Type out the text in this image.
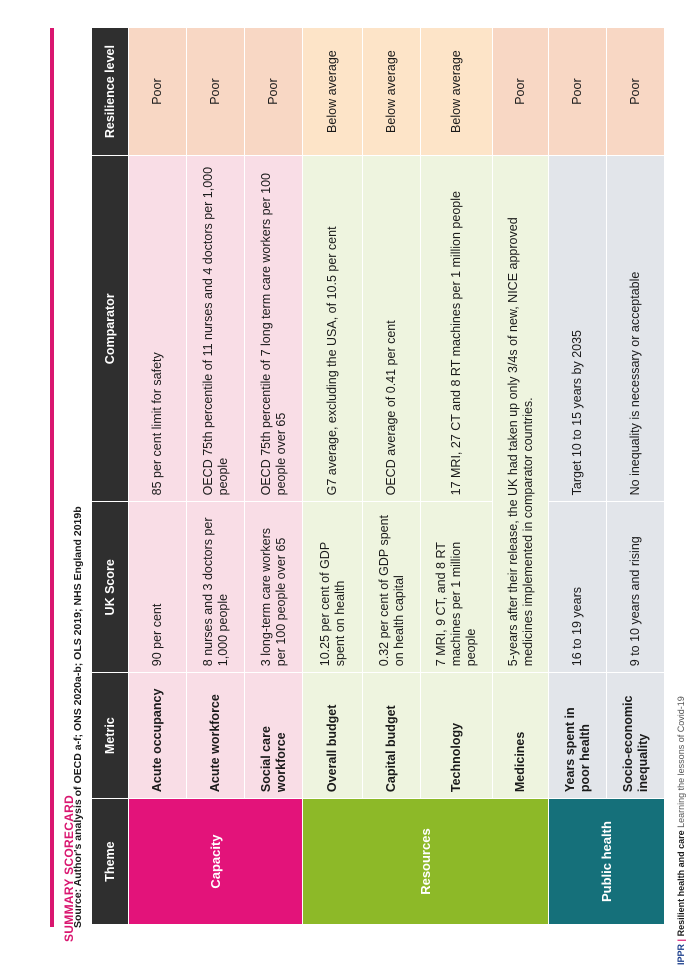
SUMMARY SCORECARD Theme	Metric	UK Score	Comparator	Resilience level
Capacity	Acute occupancy	90 per cent	85 per cent limit for safety	Poor
	Acute workforce	8 nurses and 3 doctors per 1,000 people	OECD 75th percentile of 11 nurses and 4 doctors per 1,000 people	Poor
	Social care workforce	3 long-term care workers per 100 people over 65	OECD 75th percentile of 7 long term care workers per 100 people over 65	Poor
Resources	Overall budget	10.25 per cent of GDP spent on health	G7 average, excluding the USA, of 10.5 per cent	Below average
	Capital budget	0.32 per cent of GDP spent on health capital	OECD average of 0.41 per cent	Below average
	Technology	7 MRI, 9 CT, and 8 RT machines per 1 million people	17 MRI, 27 CT and 8 RT machines per 1 million people	Below average
	Medicines	5-years after their release, the UK had taken up only 3/4s of new, NICE approved medicines implemented in comparator countries.		Poor
Public health	Years spent in poor health	16 to 19 years	Target 10 to 15 years by 2035	Poor
	Socio-economic inequality	9 to 10 years and rising	No inequality is necessary or acceptable	Poor
Source: Author's analysis of OECD a-f; ONS 2020a-b; OLS 2019; NHS England 2019b
IPPR | Resilient health and care Learning the lessons of Covid-19
